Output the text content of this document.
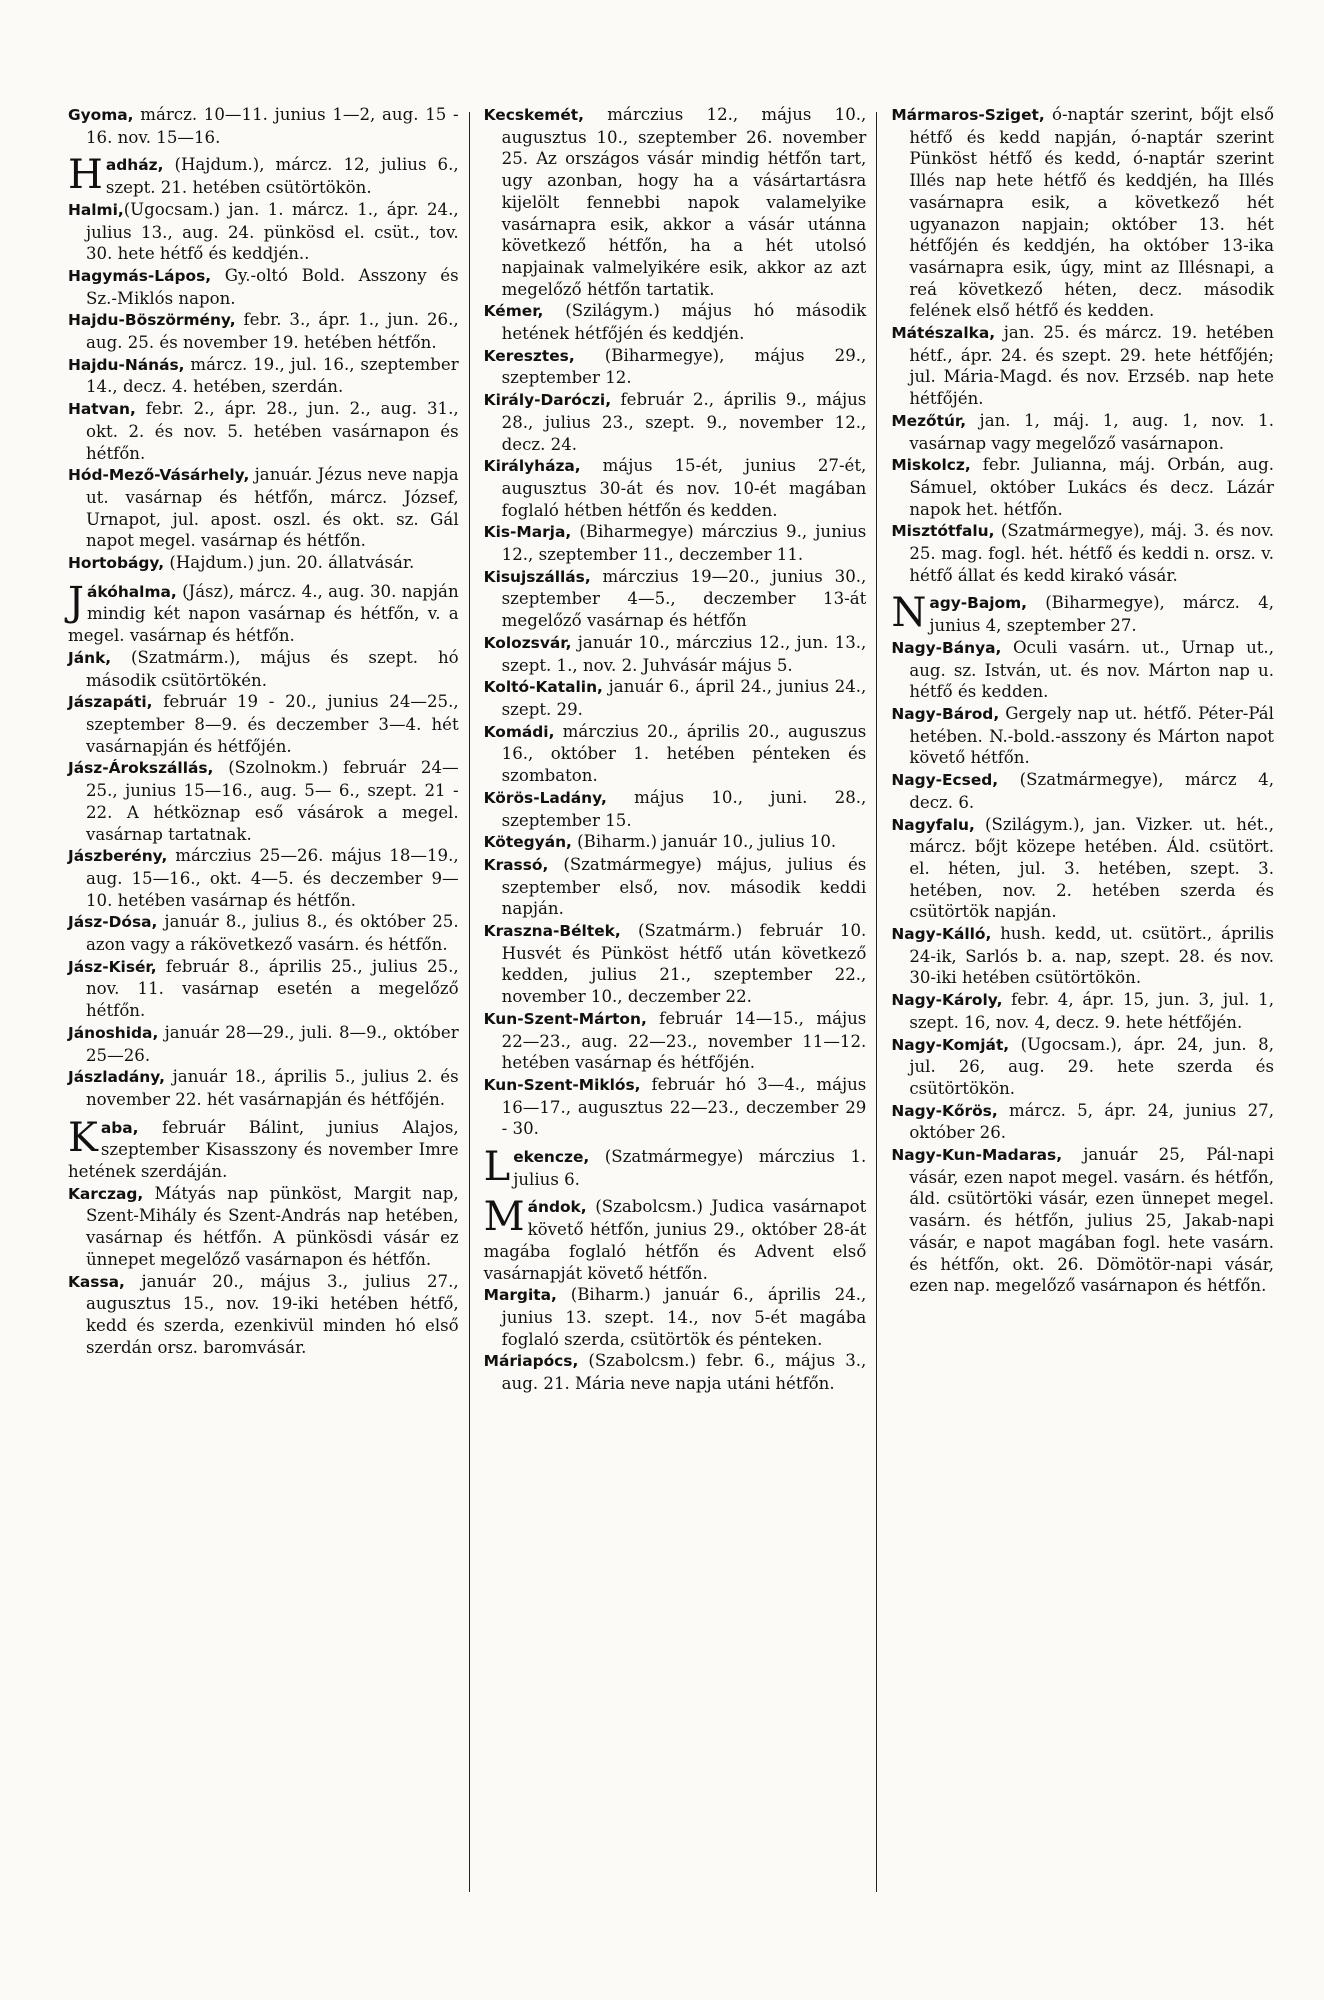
Gyoma, márcz. 10—11. junius 1—2, aug. 15 - 16. nov. 15—16.

Hadház, (Hajdum.), márcz. 12, julius 6., szept. 21. hetében csütörtökön.

Halmi,(Ugocsam.) jan. 1. márcz. 1., ápr. 24., julius 13., aug. 24. pünkösd el. csüt., tov. 30. hete hétfő és keddjén..

Hagymás-Lápos, Gy.-oltó Bold. Asszony és Sz.-Miklós napon.

Hajdu-Böszörmény, febr. 3., ápr. 1., jun. 26., aug. 25. és november 19. hetében hétfőn.

Hajdu-Nánás, márcz. 19., jul. 16., szeptember 14., decz. 4. hetében, szerdán.

Hatvan, febr. 2., ápr. 28., jun. 2., aug. 31., okt. 2. és nov. 5. hetében vasárnapon és hétfőn.

Hód-Mező-Vásárhely, január. Jézus neve napja ut. vasárnap és hétfőn, márcz. József, Urnapot, jul. apost. oszl. és okt. sz. Gál napot megel. vasárnap és hétfőn.

Hortobágy, (Hajdum.) jun. 20. állatvásár.

Jákóhalma, (Jász), márcz. 4., aug. 30. napján mindig két napon vasárnap és hétfőn, v. a megel. vasárnap és hétfőn.

Jánk, (Szatmárm.), május és szept. hó második csütörtökén.

Jászapáti, február 19 - 20., junius 24—25., szeptember 8—9. és deczember 3—4. hét vasárnapján és hétfőjén.

Jász-Árokszállás, (Szolnokm.) február 24—25., junius 15—16., aug. 5— 6., szept. 21 - 22. A hétköznap eső vásárok a megel. vasárnap tartatnak.

Jászberény, márczius 25—26. május 18—19., aug. 15—16., okt. 4—5. és deczember 9—10. hetében vasárnap és hétfőn.

Jász-Dósa, január 8., julius 8., és október 25. azon vagy a rákövetkező vasárn. és hétfőn.

Jász-Kisér, február 8., április 25., julius 25., nov. 11. vasárnap esetén a megelőző hétfőn.

Jánoshida, január 28—29., juli. 8—9., október 25—26.

Jászladány, január 18., április 5., julius 2. és november 22. hét vasárnapján és hétfőjén.

Kaba, február Bálint, junius Alajos, szeptember Kisasszony és november Imre hetének szerdáján.

Karczag, Mátyás nap pünköst, Margit nap, Szent-Mihály és Szent-András nap hetében, vasárnap és hétfőn. A pünkösdi vásár ez ünnepet megelőző vasárnapon és hétfőn.

Kassa, január 20., május 3., julius 27., augusztus 15., nov. 19-iki hetében hétfő, kedd és szerda, ezenkivül minden hó első szerdán orsz. baromvásár.

Kecskemét, márczius 12., május 10., augusztus 10., szeptember 26. november 25. Az országos vásár mindig hétfőn tart, ugy azonban, hogy ha a vásártartásra kijelölt fennebbi napok valamelyike vasárnapra esik, akkor a vásár utánna következő hétfőn, ha a hét utolsó napjainak valmelyikére esik, akkor az azt megelőző hétfőn tartatik.

Kémer, (Szilágym.) május hó második hetének hétfőjén és keddjén.

Keresztes, (Biharmegye), május 29., szeptember 12.

Király-Daróczi, február 2., április 9., május 28., julius 23., szept. 9., november 12., decz. 24.

Királyháza, május 15-ét, junius 27-ét, augusztus 30-át és nov. 10-ét magában foglaló hétben hétfőn és kedden.

Kis-Marja, (Biharmegye) márczius 9., junius 12., szeptember 11., deczember 11.

Kisujszállás, márczius 19—20., junius 30., szeptember 4—5., deczember 13-át megelőző vasárnap és hétfőn

Kolozsvár, január 10., márczius 12., jun. 13., szept. 1., nov. 2. Juhvásár május 5.

Koltó-Katalin, január 6., ápril 24., junius 24., szept. 29.

Komádi, márczius 20., április 20., auguszus 16., október 1. hetében pénteken és szombaton.

Körös-Ladány, május 10., juni. 28., szeptember 15.

Kötegyán, (Biharm.) január 10., julius 10.

Krassó, (Szatmármegye) május, julius és szeptember első, nov. második keddi napján.

Kraszna-Béltek, (Szatmárm.) február 10. Husvét és Pünköst hétfő után következő kedden, julius 21., szeptember 22., november 10., deczember 22.

Kun-Szent-Márton, február 14—15., május 22—23., aug. 22—23., november 11—12. hetében vasárnap és hétfőjén.

Kun-Szent-Miklós, február hó 3—4., május 16—17., augusztus 22—23., deczember 29 - 30.

Lekencze, (Szatmármegye) márczius 1. julius 6.

Mándok, (Szabolcsm.) Judica vasárnapot követő hétfőn, junius 29., október 28-át magába foglaló hétfőn és Advent első vasárnapját követő hétfőn.

Margita, (Biharm.) január 6., április 24., junius 13. szept. 14., nov 5-ét magába foglaló szerda, csütörtök és pénteken.

Máriapócs, (Szabolcsm.) febr. 6., május 3., aug. 21. Mária neve napja utáni hétfőn.

Mármaros-Sziget, ó-naptár szerint, bőjt első hétfő és kedd napján, ó-naptár szerint Pünköst hétfő és kedd, ó-naptár szerint Illés nap hete hétfő és keddjén, ha Illés vasárnapra esik, a következő hét ugyanazon napjain; október 13. hét hétfőjén és keddjén, ha október 13-ika vasárnapra esik, úgy, mint az Illésnapi, a reá következő héten, decz. második felének első hétfő és kedden.

Mátészalka, jan. 25. és márcz. 19. hetében hétf., ápr. 24. és szept. 29. hete hétfőjén; jul. Mária-Magd. és nov. Erzséb. nap hete hétfőjén.

Mezőtúr, jan. 1, máj. 1, aug. 1, nov. 1. vasárnap vagy megelőző vasárnapon.

Miskolcz, febr. Julianna, máj. Orbán, aug. Sámuel, október Lukács és decz. Lázár napok het. hétfőn.

Misztótfalu, (Szatmármegye), máj. 3. és nov. 25. mag. fogl. hét. hétfő és keddi n. orsz. v. hétfő állat és kedd kirakó vásár.

Nagy-Bajom, (Biharmegye), márcz. 4, junius 4, szeptember 27.

Nagy-Bánya, Oculi vasárn. ut., Urnap ut., aug. sz. István, ut. és nov. Márton nap u. hétfő és kedden.

Nagy-Bárod, Gergely nap ut. hétfő. Péter-Pál hetében. N.-bold.-asszony és Márton napot követő hétfőn.

Nagy-Ecsed, (Szatmármegye), márcz 4, decz. 6.

Nagyfalu, (Szilágym.), jan. Vizker. ut. hét., márcz. bőjt közepe hetében. Áld. csütört. el. héten, jul. 3. hetében, szept. 3. hetében, nov. 2. hetében szerda és csütörtök napján.

Nagy-Kálló, hush. kedd, ut. csütört., április 24-ik, Sarlós b. a. nap, szept. 28. és nov. 30-iki hetében csütörtökön.

Nagy-Károly, febr. 4, ápr. 15, jun. 3, jul. 1, szept. 16, nov. 4, decz. 9. hete hétfőjén.

Nagy-Komját, (Ugocsam.), ápr. 24, jun. 8, jul. 26, aug. 29. hete szerda és csütörtökön.

Nagy-Kőrös, márcz. 5, ápr. 24, junius 27, október 26.

Nagy-Kun-Madaras, január 25, Pál-napi vásár, ezen napot megel. vasárn. és hétfőn, áld. csütörtöki vásár, ezen ünnepet megel. vasárn. és hétfőn, julius 25, Jakab-napi vásár, e napot magában fogl. hete vasárn. és hétfőn, okt. 26. Dömötör-napi vásár, ezen nap. megelőző vasárnapon és hétfőn.
